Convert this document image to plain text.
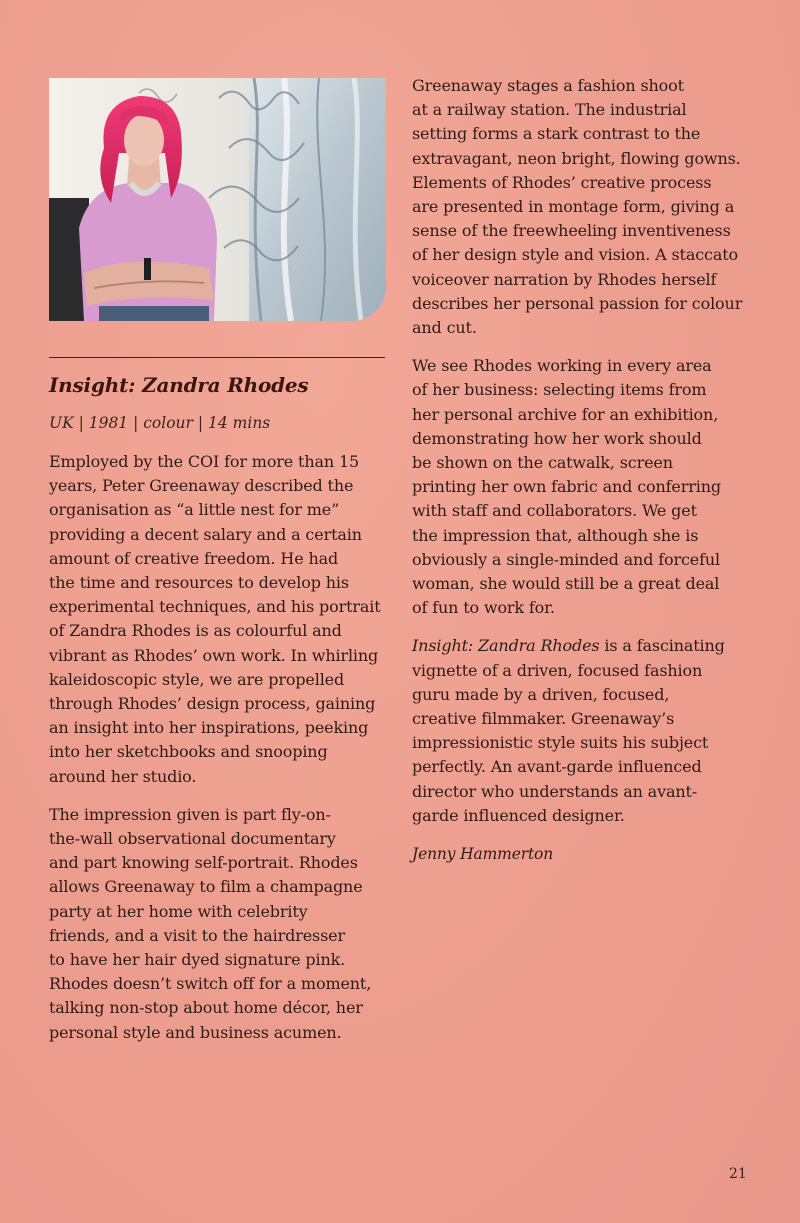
Insight: Zandra Rhodes
UK | 1981 | colour | 14 mins

Employed by the COI for more than 15
years, Peter Greenaway described the
organisation as “a little nest for me”
providing a decent salary and a certain
amount of creative freedom. He had
the time and resources to develop his
experimental techniques, and his portrait
of Zandra Rhodes is as colourful and
vibrant as Rhodes’ own work. In whirling
kaleidoscopic style, we are propelled
through Rhodes’ design process, gaining
an insight into her inspirations, peeking
into her sketchbooks and snooping
around her studio.

The impression given is part fly-on-
the-wall observational documentary
and part knowing self-portrait. Rhodes
allows Greenaway to film a champagne
party at her home with celebrity
friends, and a visit to the hairdresser
to have her hair dyed signature pink.
Rhodes doesn’t switch off for a moment,
talking non-stop about home décor, her
personal style and business acumen.

Greenaway stages a fashion shoot
at a railway station. The industrial
setting forms a stark contrast to the
extravagant, neon bright, flowing gowns.
Elements of Rhodes’ creative process
are presented in montage form, giving a
sense of the freewheeling inventiveness
of her design style and vision. A staccato
voiceover narration by Rhodes herself
describes her personal passion for colour
and cut.

We see Rhodes working in every area
of her business: selecting items from
her personal archive for an exhibition,
demonstrating how her work should
be shown on the catwalk, screen
printing her own fabric and conferring
with staff and collaborators. We get
the impression that, although she is
obviously a single-minded and forceful
woman, she would still be a great deal
of fun to work for.

Insight: Zandra Rhodes is a fascinating
vignette of a driven, focused fashion
guru made by a driven, focused,
creative filmmaker. Greenaway’s
impressionistic style suits his subject
perfectly. An avant-garde influenced
director who understands an avant-
garde influenced designer.

Jenny Hammerton

21
